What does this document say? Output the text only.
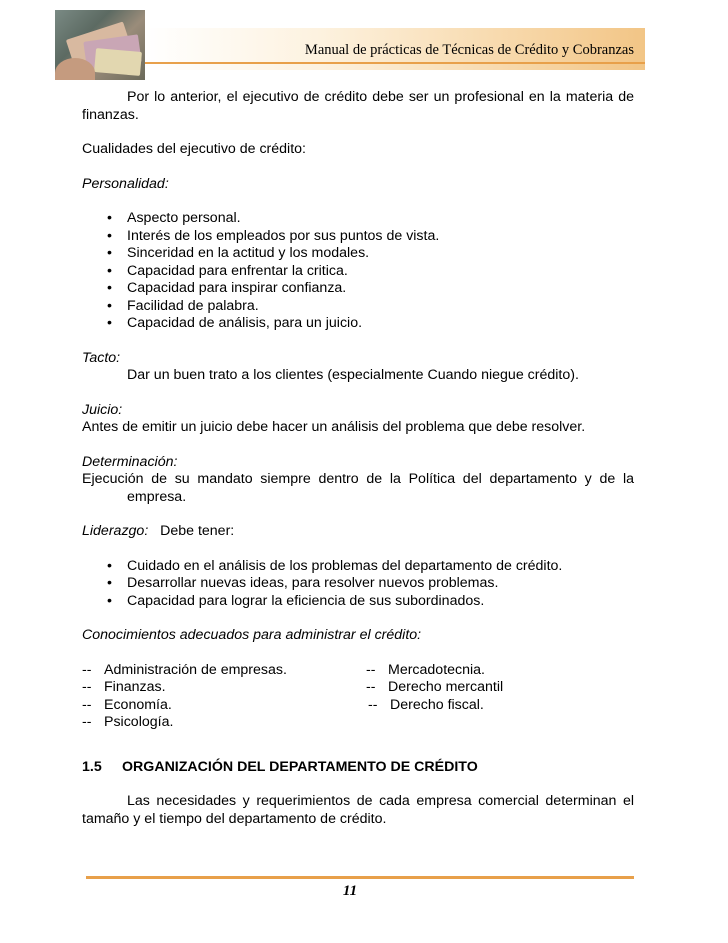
Manual de prácticas de Técnicas de Crédito y Cobranzas

Por lo anterior, el ejecutivo de crédito debe ser un profesional en la materia de finanzas.

Cualidades del ejecutivo de crédito:

Personalidad:

• Aspecto personal.
• Interés de los empleados por sus puntos de vista.
• Sinceridad en la actitud y los modales.
• Capacidad para enfrentar la critica.
• Capacidad para inspirar confianza.
• Facilidad de palabra.
• Capacidad de análisis, para un juicio.

Tacto:

Dar un buen trato a los clientes (especialmente Cuando niegue crédito).

Juicio:

Antes de emitir un juicio debe hacer un análisis del problema que debe resolver.

Determinación:

Ejecución de su mandato siempre dentro de la Política del departamento y de la empresa.

Liderazgo: Debe tener:

• Cuidado en el análisis de los problemas del departamento de crédito.
• Desarrollar nuevas ideas, para resolver nuevos problemas.
• Capacidad para lograr la eficiencia de sus subordinados.

Conocimientos adecuados para administrar el crédito:

-- Administración de empresas.	-- Mercadotecnia.
-- Finanzas.	-- Derecho mercantil
-- Economía.	-- Derecho fiscal.
-- Psicología.

1.5 ORGANIZACIÓN DEL DEPARTAMENTO DE CRÉDITO

Las necesidades y requerimientos de cada empresa comercial determinan el tamaño y el tiempo del departamento de crédito.

11
